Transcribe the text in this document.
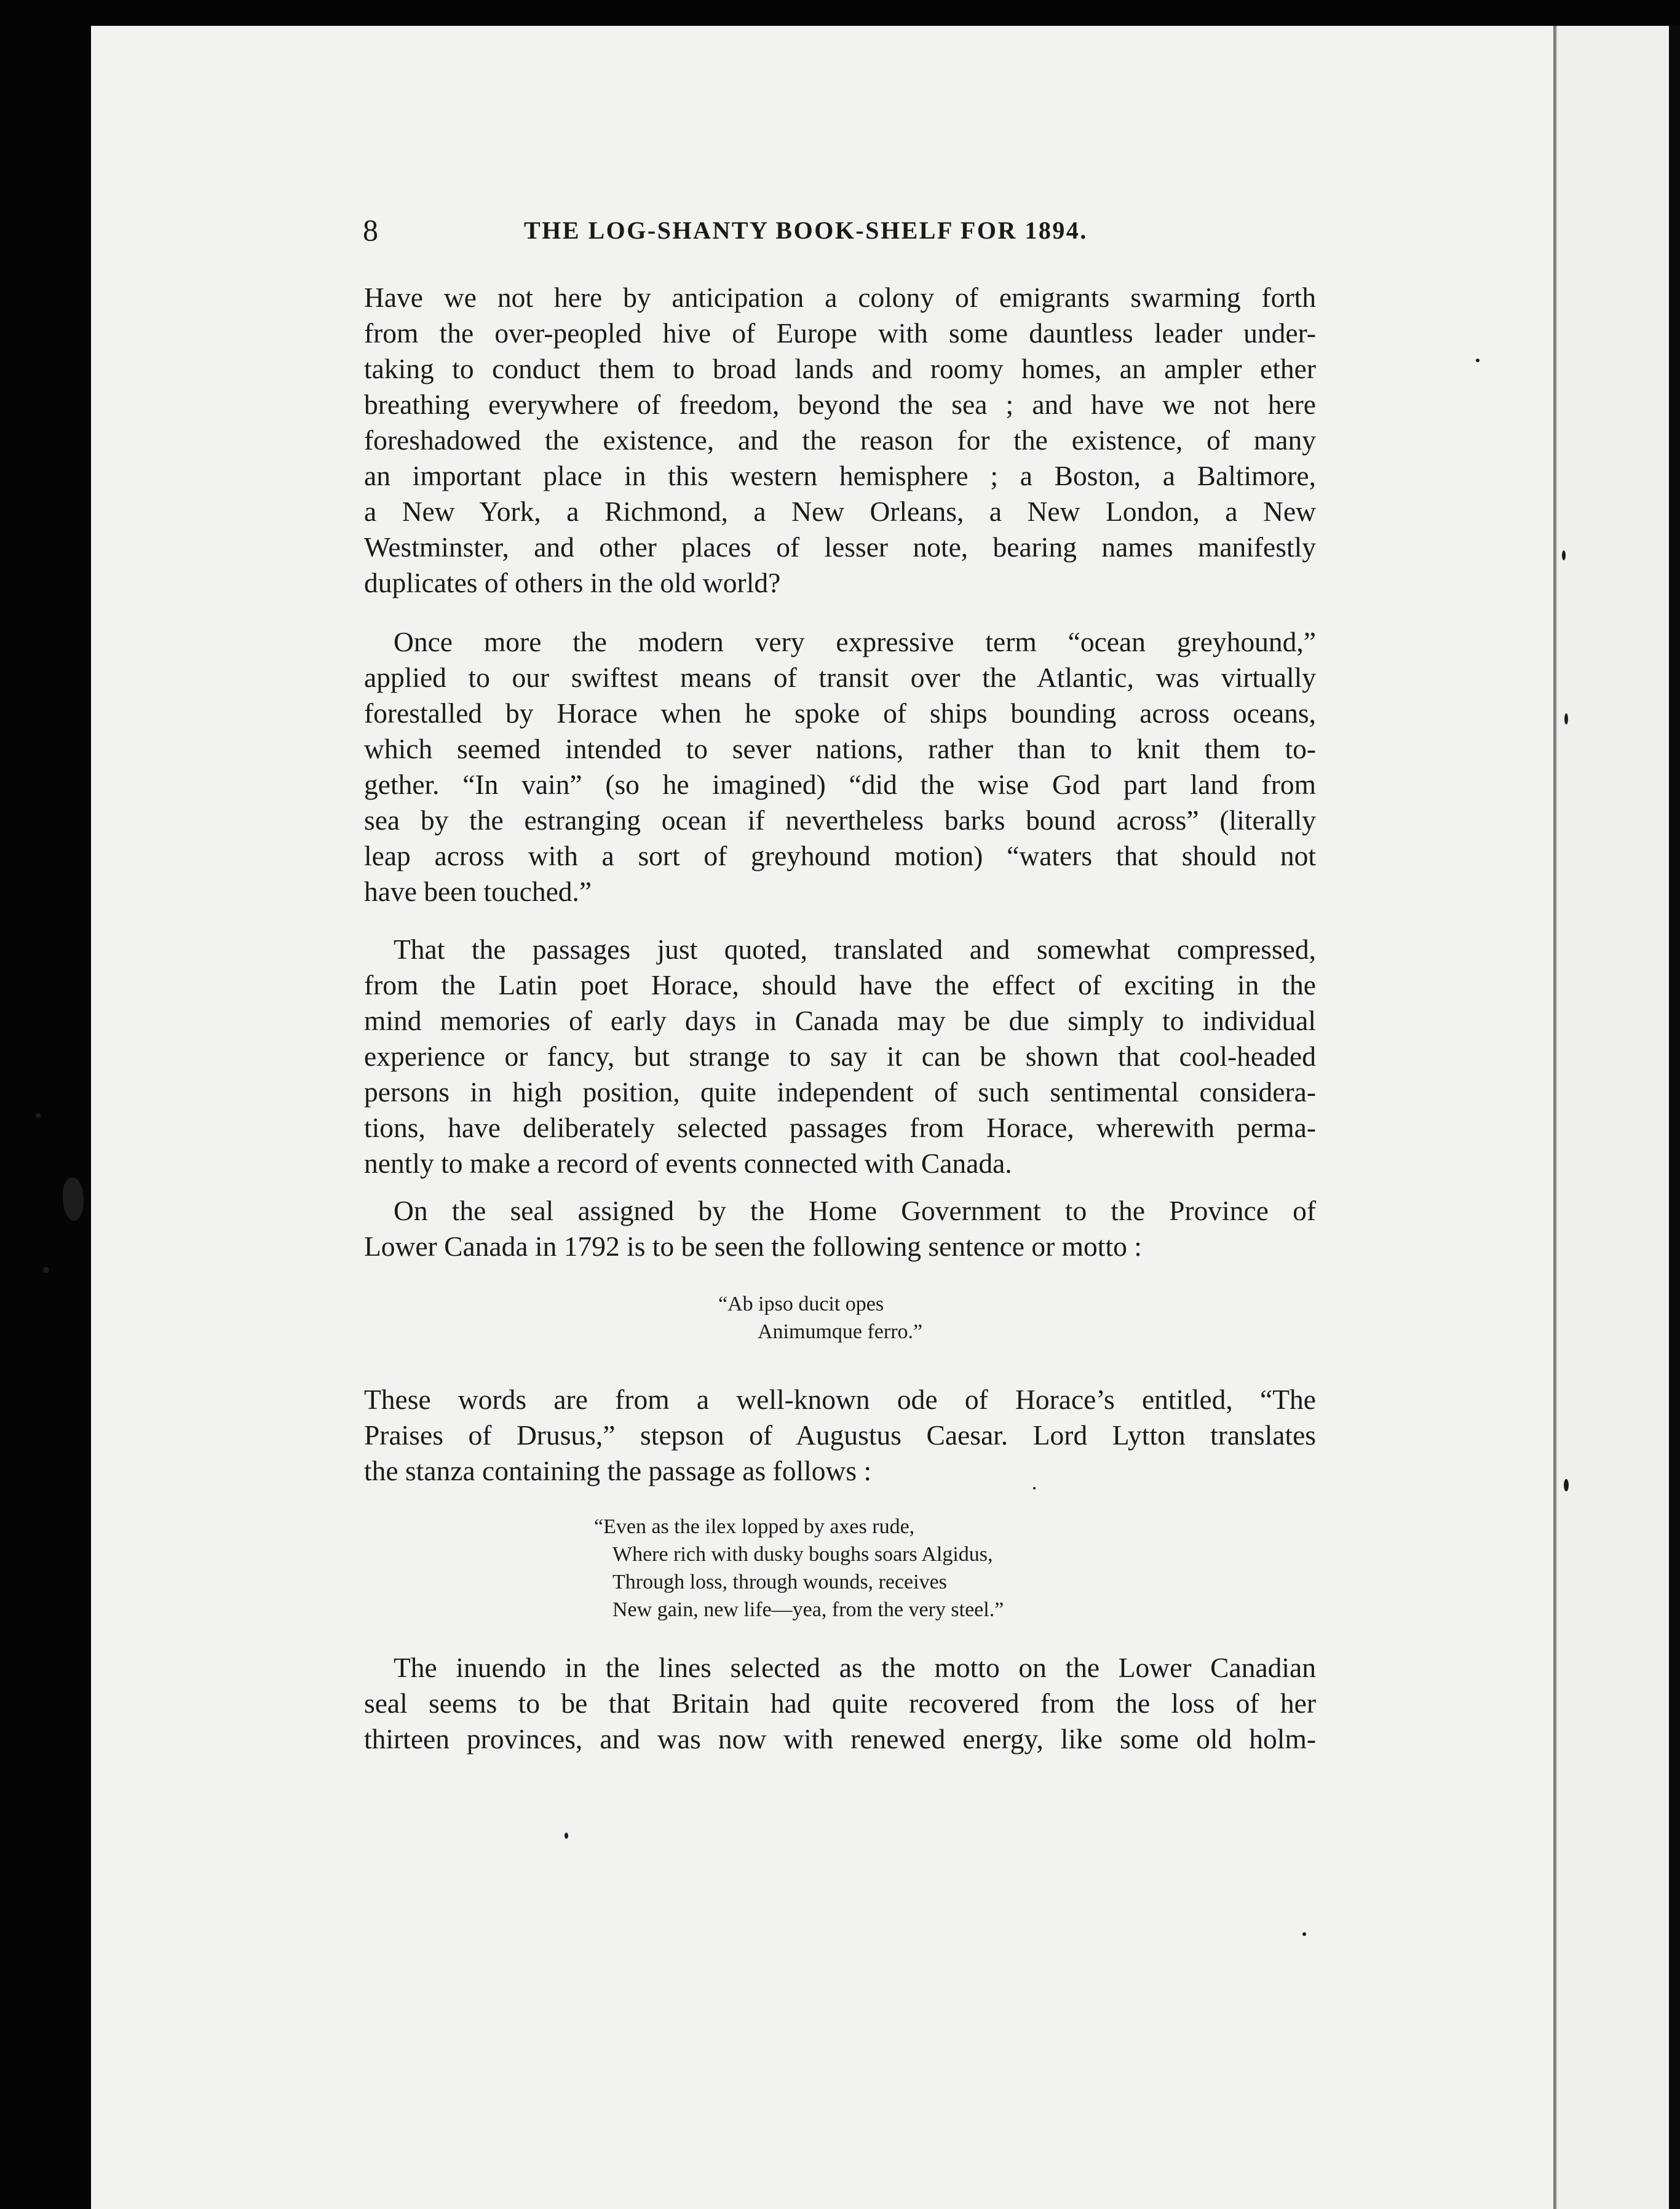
8	THE LOG-SHANTY BOOK-SHELF FOR 1894.
Have we not here by anticipation a colony of emigrants swarming forth
from the over-peopled hive of Europe with some dauntless leader under-
taking to conduct them to broad lands and roomy homes, an ampler ether
breathing everywhere of freedom, beyond the sea ; and have we not here
foreshadowed the existence, and the reason for the existence, of many
an important place in this western hemisphere ; a Boston, a Baltimore,
a New York, a Richmond, a New Orleans, a New London, a New
Westminster, and other places of lesser note, bearing names manifestly
duplicates of others in the old world?
Once more the modern very expressive term “ocean greyhound,”
applied to our swiftest means of transit over the Atlantic, was virtually
forestalled by Horace when he spoke of ships bounding across oceans,
which seemed intended to sever nations, rather than to knit them to-
gether. “In vain” (so he imagined) “did the wise God part land from
sea by the estranging ocean if nevertheless barks bound across” (literally
leap across with a sort of greyhound motion) “waters that should not
have been touched.”
That the passages just quoted, translated and somewhat compressed,
from the Latin poet Horace, should have the effect of exciting in the
mind memories of early days in Canada may be due simply to individual
experience or fancy, but strange to say it can be shown that cool-headed
persons in high position, quite independent of such sentimental considera-
tions, have deliberately selected passages from Horace, wherewith perma-
nently to make a record of events connected with Canada.
On the seal assigned by the Home Government to the Province of
Lower Canada in 1792 is to be seen the following sentence or motto :
“Ab ipso ducit opes
Animumque ferro.”
These words are from a well-known ode of Horace’s entitled, “The
Praises of Drusus,” stepson of Augustus Caesar. Lord Lytton translates
the stanza containing the passage as follows :
“Even as the ilex lopped by axes rude,
Where rich with dusky boughs soars Algidus,
Through loss, through wounds, receives
New gain, new life—yea, from the very steel.”
The inuendo in the lines selected as the motto on the Lower Canadian
seal seems to be that Britain had quite recovered from the loss of her
thirteen provinces, and was now with renewed energy, like some old holm-
